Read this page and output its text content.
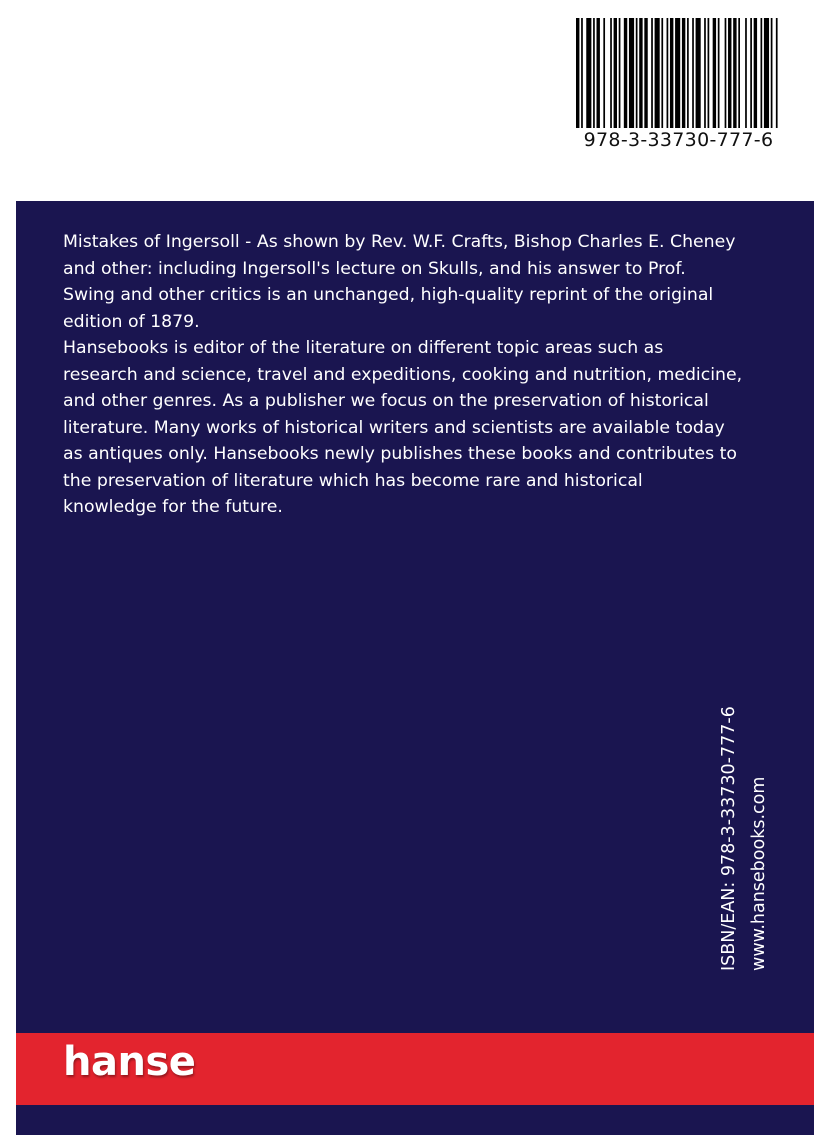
978-3-33730-777-6

Mistakes of Ingersoll - As shown by Rev. W.F. Crafts, Bishop Charles E. Cheney
and other: including Ingersoll's lecture on Skulls, and his answer to Prof.
Swing and other critics is an unchanged, high-quality reprint of the original
edition of 1879.

Hansebooks is editor of the literature on different topic areas such as
research and science, travel and expeditions, cooking and nutrition, medicine,
and other genres. As a publisher we focus on the preservation of historical
literature. Many works of historical writers and scientists are available today
as antiques only. Hansebooks newly publishes these books and contributes to
the preservation of literature which has become rare and historical
knowledge for the future.

ISBN/EAN: 978-3-33730-777-6 www.hansebooks.com
hanse
